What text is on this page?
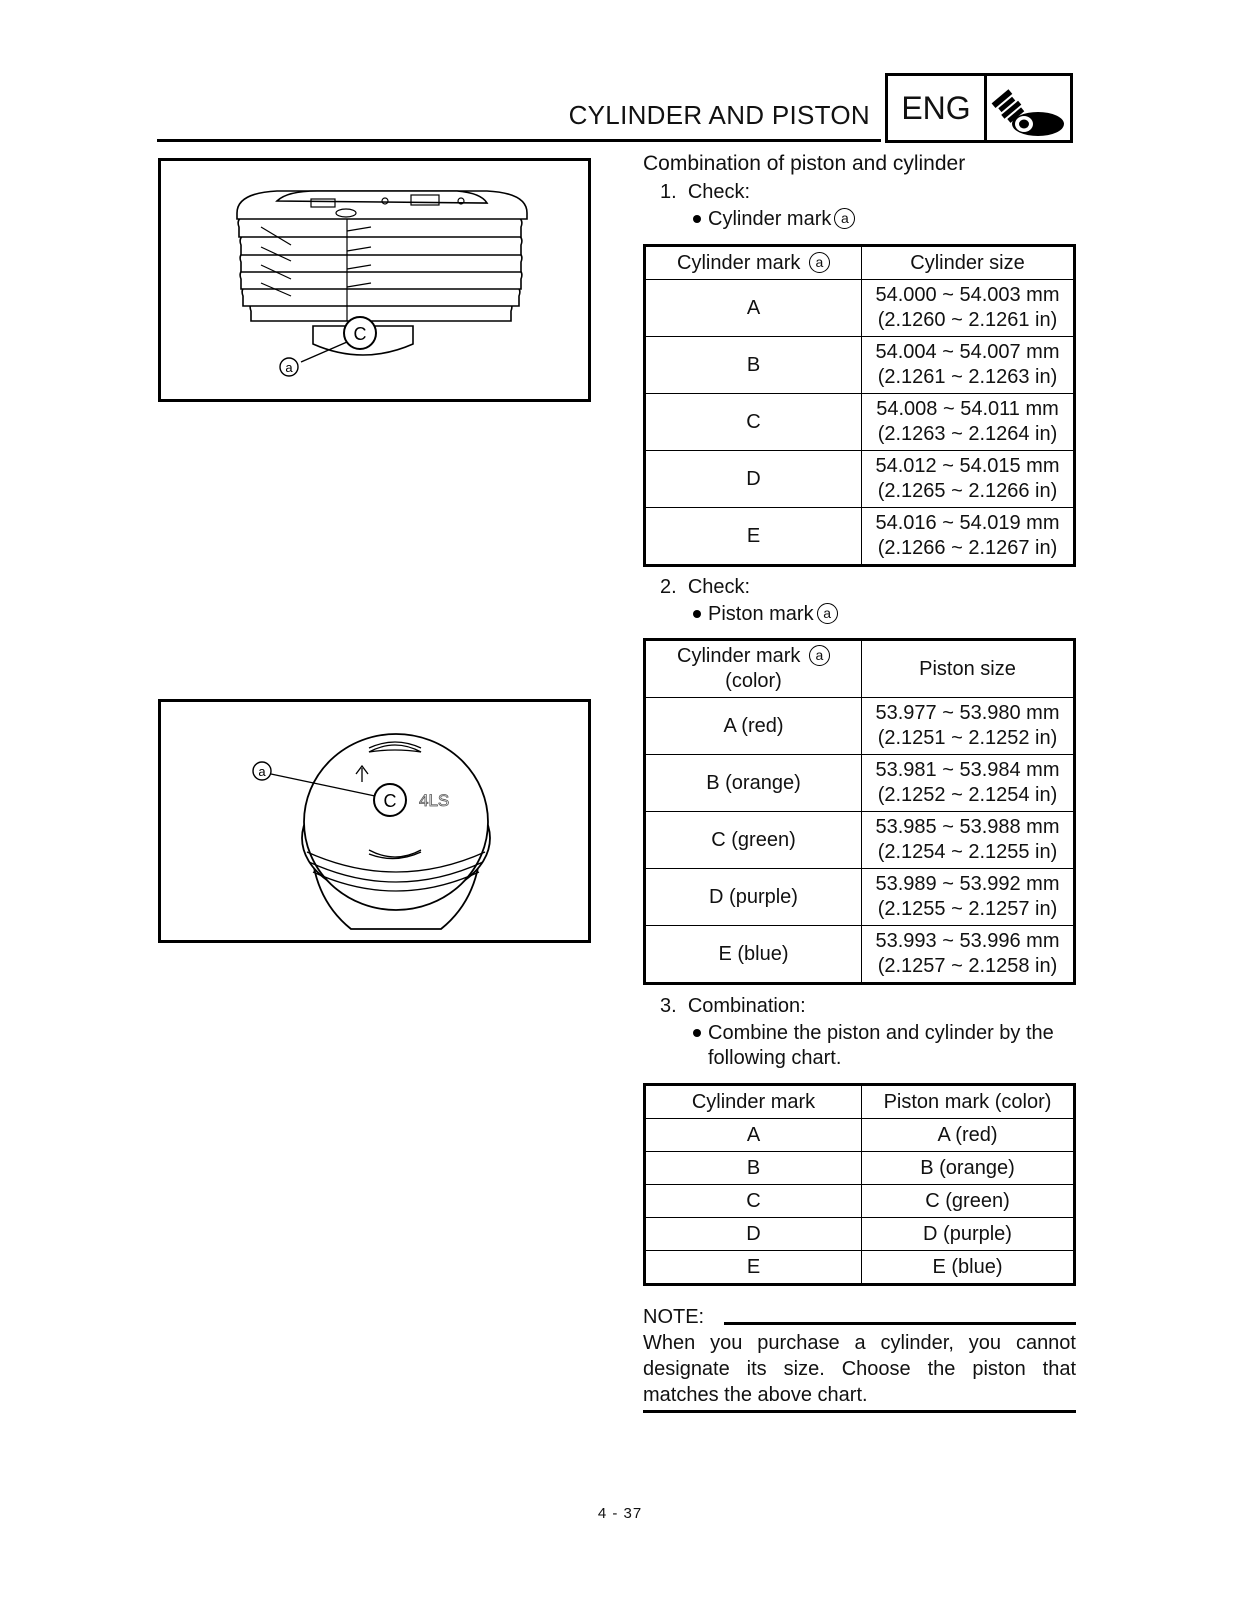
CYLINDER AND PISTON ENG
C
a
C 4LS
a
Combination of piston and cylinder
1. Check:
Cylinder mark a
Cylinder mark a	Cylinder size
A	54.000 ~ 54.003 mm
(2.1260 ~ 2.1261 in)

B	54.004 ~ 54.007 mm
(2.1261 ~ 2.1263 in)

C	54.008 ~ 54.011 mm
(2.1263 ~ 2.1264 in)

D	54.012 ~ 54.015 mm
(2.1265 ~ 2.1266 in)

E	54.016 ~ 54.019 mm
(2.1266 ~ 2.1267 in)
2. Check:
Piston mark a
Cylinder mark a
(color)	Piston size
A (red)	53.977 ~ 53.980 mm
(2.1251 ~ 2.1252 in)

B (orange)	53.981 ~ 53.984 mm
(2.1252 ~ 2.1254 in)

C (green)	53.985 ~ 53.988 mm
(2.1254 ~ 2.1255 in)

D (purple)	53.989 ~ 53.992 mm
(2.1255 ~ 2.1257 in)

E (blue)	53.993 ~ 53.996 mm
(2.1257 ~ 2.1258 in)
3. Combination:
Combine the piston and cylinder by the
following chart.
Cylinder mark	Piston mark (color)
A	A (red)
B	B (orange)
C	C (green)
D	D (purple)
E	E (blue)
NOTE:
When you purchase a cylinder, you cannot designate its size. Choose the piston that matches the above chart.
4 - 37
